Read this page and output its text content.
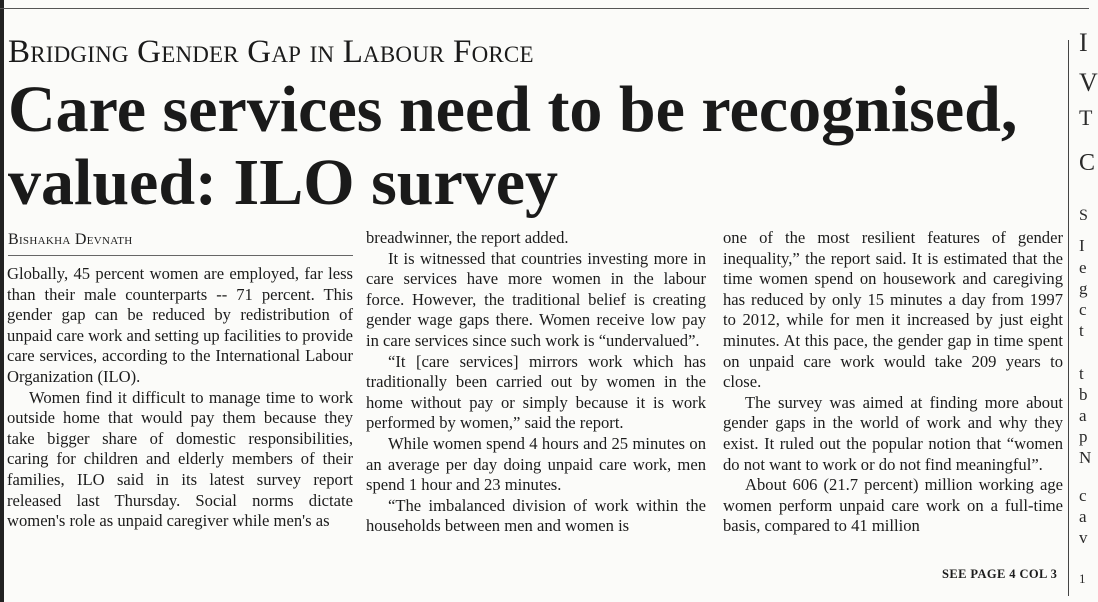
Bridging Gender Gap in Labour Force
Care services need to be recognised,
valued: ILO survey
Bishakha Devnath

Globally, 45 percent women are employed, far less than their male counterparts -- 71 percent. This gender gap can be reduced by redistribution of unpaid care work and setting up facilities to provide care services, according to the International Labour Organization (ILO).

Women find it difficult to manage time to work outside home that would pay them because they take bigger share of domestic responsibilities, caring for children and elderly members of their families, ILO said in its latest survey report released last Thursday. Social norms dictate women's role as unpaid caregiver while men's as

breadwinner, the report added.

It is witnessed that countries investing more in care services have more women in the labour force. However, the traditional belief is creating gender wage gaps there. Women receive low pay in care services since such work is “undervalued”.

“It [care services] mirrors work which has traditionally been carried out by women in the home without pay or simply because it is work performed by women,” said the report.

While women spend 4 hours and 25 minutes on an average per day doing unpaid care work, men spend 1 hour and 23 minutes.

“The imbalanced division of work within the households between men and women is

one of the most resilient features of gender inequality,” the report said. It is estimated that the time women spend on housework and caregiving has reduced by only 15 minutes a day from 1997 to 2012, while for men it increased by just eight minutes. At this pace, the gender gap in time spent on unpaid care work would take 209 years to close.

The survey was aimed at finding more about gender gaps in the world of work and why they exist. It ruled out the popular notion that “women do not want to work or do not find meaningful”.

About 606 (21.7 percent) million working age women perform unpaid care work on a full-time basis, compared to 41 million

SEE PAGE 4 COL 3
I
V
T
C
S
I
e
g
c
t
t
b
a
p
N
c
a
v
1
